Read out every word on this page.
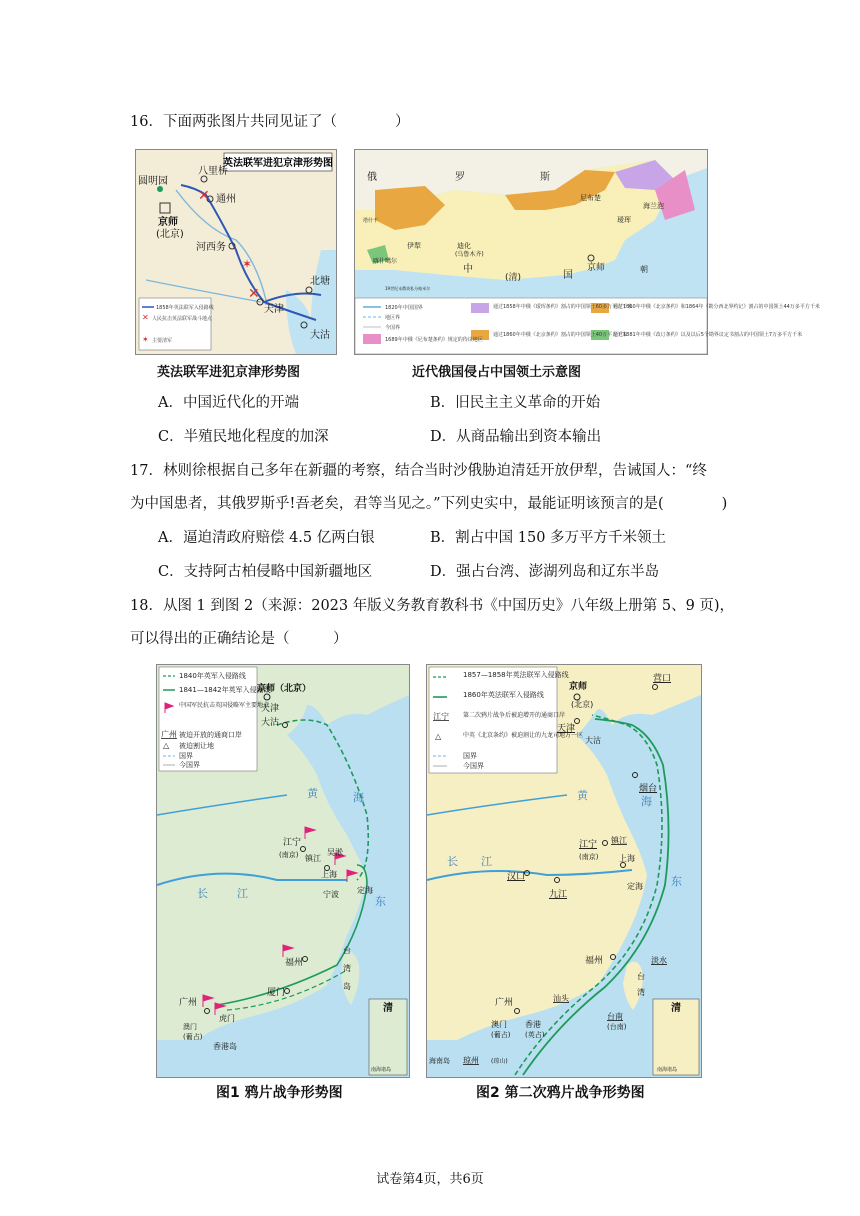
16．下面两张图片共同见证了（　　　　）
英法联军进犯京津形势图
✕
✕
✶
圆明园
八里桥
通州
京师
(北京)
河西务
天津
北塘
大沽
✕
✶
1858年英法联军入侵路线
人民抗击英法联军战斗地点
主要清军
英法联军进犯京津形势图
俄	罗	斯
尼布楚
海兰泡
瑷珲
伊犁	迪化
(乌鲁木齐)
中
(清)	国
京师	朝
塔什干
喀什噶尔
19世纪末俄英私分帕米尔
1820年中国国界
地区界
今国界
1689年中俄《尼布楚条约》规定的待议地区
通过1858年中俄《瑷珲条约》割占的中国领土60多万平方千米
通过1860年中俄《北京条约》割占的中国领土40万平方千米
通过1860年中俄《北京条约》和1864年《勘分西北界约记》割占的中国领土44万多平方千米
通过1881年中俄《改订条约》以及以后5个勘界议定书割占的中国领土7万多平方千米
近代俄国侵占中国领土示意图
A．中国近代化的开端	B．旧民主主义革命的开始
C．半殖民地化程度的加深	D．从商品输出到资本输出
17．林则徐根据自己多年在新疆的考察，结合当时沙俄胁迫清廷开放伊犁，告诫国人：“终
为中国患者，其俄罗斯乎!吾老矣，君等当见之。”下列史实中，最能证明该预言的是(　　　　)
A．逼迫清政府赔偿 4.5 亿两白银	B．割占中国 150 多万平方千米领土
C．支持阿古柏侵略中国新疆地区	D．强占台湾、澎湖列岛和辽东半岛
18．从图 1 到图 2（来源：2023 年版义务教育教科书《中国历史》八年级上册第 5、9 页)，
可以得出的正确结论是（　　　）
△
1840年英军入侵路线
1841—1842年英军入侵路线
中国军民抗击英国侵略军主要地点
被迫开放的通商口岸
被迫割让地
国界
今国界
广州
京师（北京）
天津
大沽
江宁
(南京) 镇江
吴淞
上海
宁波 定海
福州
厦门
台
湾
岛
广州
虎门
澳门
(葡占)
香港岛
黄	海
东
长	江
清
南海诸岛
图1 鸦片战争形势图
△
1857—1858年英法联军入侵路线
1860年英法联军入侵路线
第二次鸦片战争后被迫增开的通商口岸
中英《北京条约》被迫割让的九龙司地方一区
国界
今国界
江宁
营口
京师
(北京)
天津
大沽
烟台
江宁
(南京)
镇江
上海
汉口
九江
定海
福州	淡水
汕头
台南
(台南)
广州
澳门
(葡占)
香港
(英占)
琼州 (琼山)
海南岛
台
湾
黄	海
东
长 江
清
南海诸岛
图2 第二次鸦片战争形势图
试卷第4页，共6页
